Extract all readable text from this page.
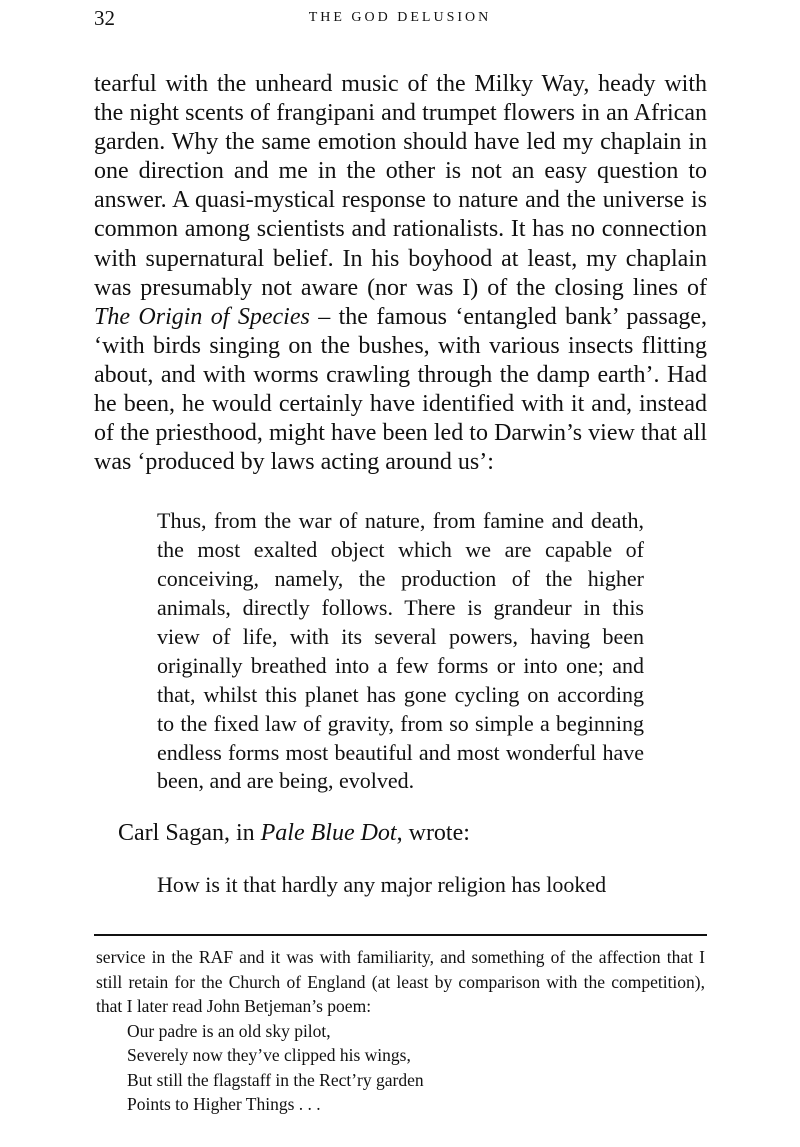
32	THE GOD DELUSION

tearful with the unheard music of the Milky Way, heady with the night scents of frangipani and trumpet flowers in an African garden. Why the same emotion should have led my chaplain in one direction and me in the other is not an easy question to answer. A quasi-mystical response to nature and the universe is common among scientists and rationalists. It has no connection with supernatural belief. In his boyhood at least, my chaplain was presumably not aware (nor was I) of the closing lines of The Origin of Species – the famous ‘entangled bank’ passage, ‘with birds singing on the bushes, with various insects flitting about, and with worms crawling through the damp earth’. Had he been, he would certainly have identified with it and, instead of the priesthood, might have been led to Darwin’s view that all was ‘produced by laws acting around us’:

Thus, from the war of nature, from famine and death, the most exalted object which we are capable of conceiving, namely, the production of the higher animals, directly follows. There is grandeur in this view of life, with its several powers, having been originally breathed into a few forms or into one; and that, whilst this planet has gone cycling on according to the fixed law of gravity, from so simple a beginning endless forms most beautiful and most wonderful have been, and are being, evolved.

Carl Sagan, in Pale Blue Dot, wrote:

How is it that hardly any major religion has looked

service in the RAF and it was with familiarity, and something of the affection that I still retain for the Church of England (at least by comparison with the competition), that I later read John Betjeman’s poem:

Our padre is an old sky pilot,
Severely now they’ve clipped his wings,
But still the flagstaff in the Rect’ry garden
Points to Higher Things . . .
